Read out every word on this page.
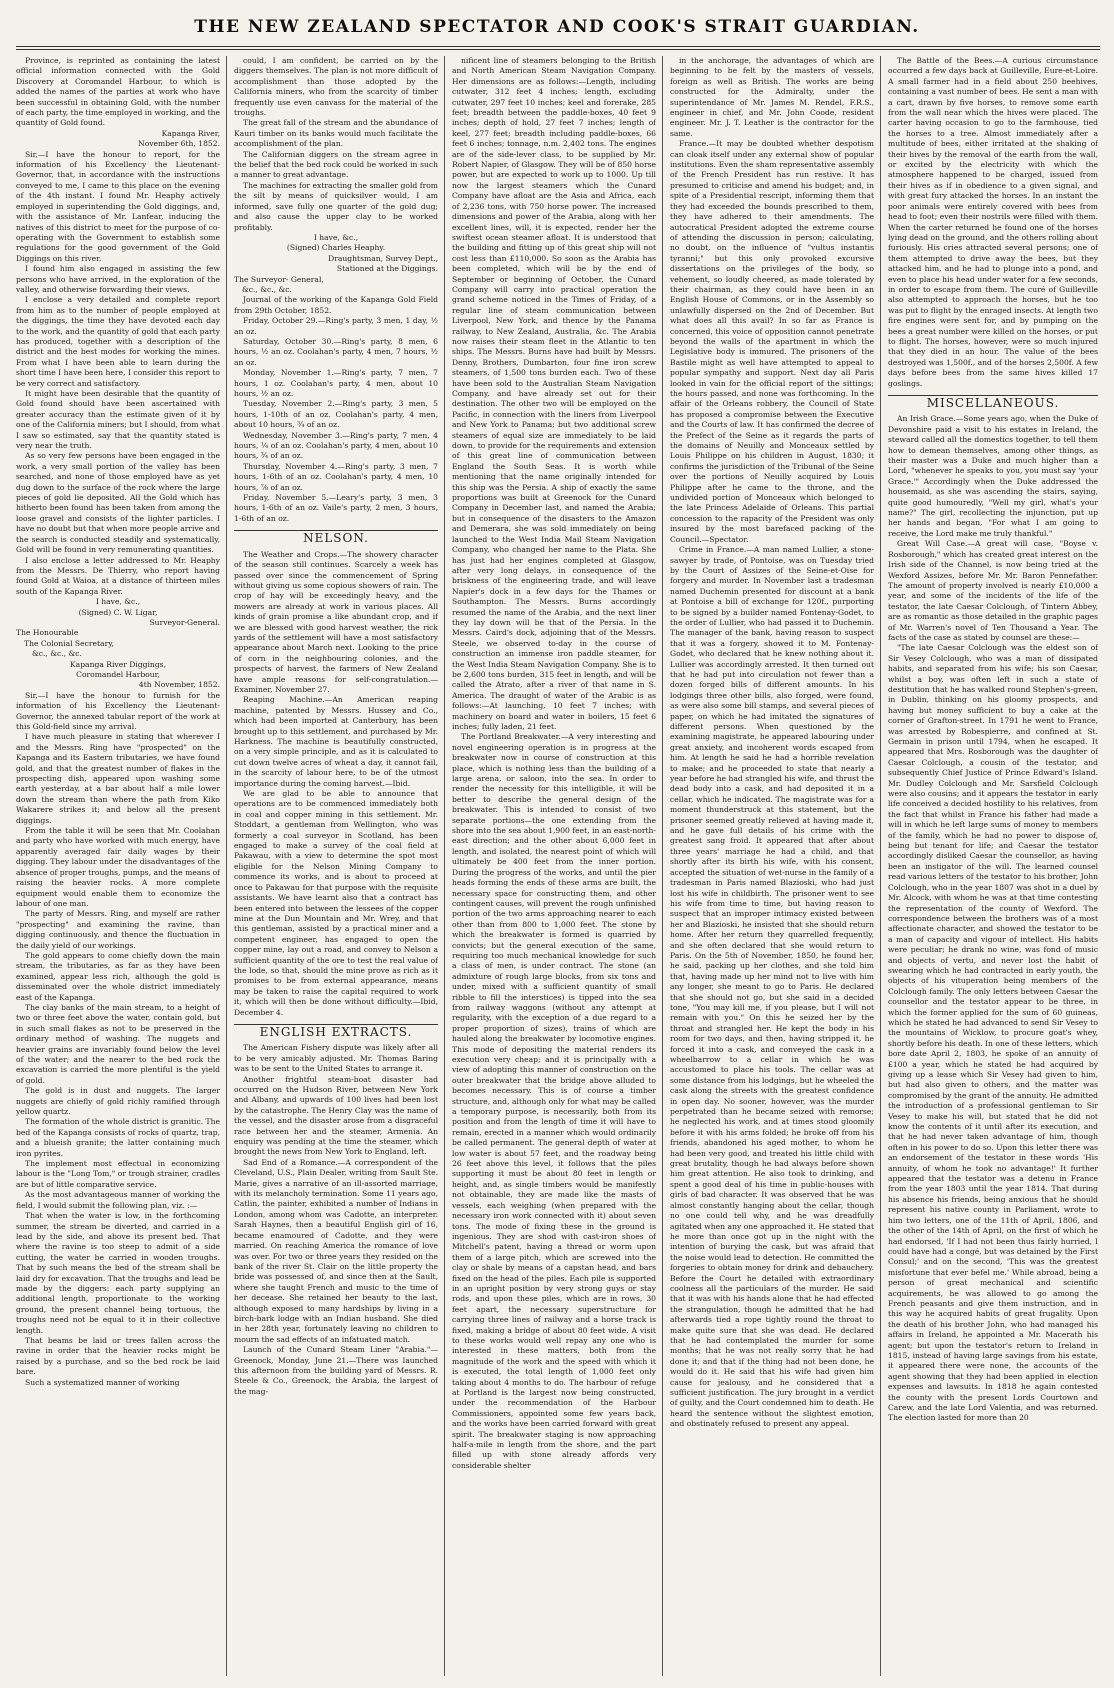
THE NEW ZEALAND SPECTATOR AND COOK'S STRAIT GUARDIAN.

Province, is reprinted as containing the latest official information connected with the Gold Discovery at Coromandel Harbour, to which is added the names of the parties at work who have been successful in obtaining Gold, with the number of each party, the time employed in working, and the quantity of Gold found.

Kapanga River,

November 6th, 1852.

Sir,—I have the honour to report, for the information of his Excellency the Lieutenant-Governor, that, in accordance with the instructions conveyed to me, I came to this place on the evening of the 4th instant. I found Mr. Heaphy actively employed in superintending the Gold diggings, and, with the assistance of Mr. Lanfear, inducing the natives of this district to meet for the purpose of co-operating with the Government to establish some regulations for the good government of the Gold Diggings on this river.

I found him also engaged in assisting the few persons who have arrived, in the exploration of the valley, and otherwise forwarding their views.

I enclose a very detailed and complete report from him as to the number of people employed at the diggings, the time they have devoted each day to the work, and the quantity of gold that each party has produced, together with a description of the district and the best modes for working the mines. From what I have been able to learn during the short time I have been here, I consider this report to be very correct and satisfactory.

It might have been desirable that the quantity of Gold found should have been ascertained with greater accuracy than the estimate given of it by one of the California miners; but I should, from what I saw so estimated, say that the quantity stated is very near the truth.

As so very few persons have been engaged in the work, a very small portion of the valley has been searched, and none of those employed have as yet dug down to the surface of the rock where the large pieces of gold lie deposited. All the Gold which has hitherto been found has been taken from among the loose gravel and consists of the lighter particles. I have no doubt but that when more people arrive and the search is conducted steadily and systematically, Gold will be found in very remunerating quantities.

I also enclose a letter addressed to Mr. Heaphy from the Messrs. De Thierry, who report having found Gold at Waioa, at a distance of thirteen miles south of the Kapanga River.

I have, &c.,

(Signed) C. W. Ligar,

Surveyor-General.

The Honourable

The Colonial Secretary,

&c., &c., &c.

Kapanga River Diggings,

Coromandel Harbour,

4th November, 1852.

Sir,—I have the honour to furnish for the information of his Excellency the Lieutenant-Governor, the annexed tabular report of the work at this Gold-field since my arrival.

I have much pleasure in stating that wherever I and the Messrs. Ring have "prospected" on the Kapanga and its Eastern tributaries, we have found gold, and that the greatest number of flakes in the prospecting dish, appeared upon washing some earth yesterday, at a bar about half a mile lower down the stream than where the path from Kiko Wakarere strikes it; and below all the present diggings.

From the table it will be seen that Mr. Coolahan and party who have worked with much energy, have apparently averaged fair daily wages by their digging. They labour under the disadvantages of the absence of proper troughs, pumps, and the means of raising the heavier rocks. A more complete equipment would enable them to economize the labour of one man.

The party of Messrs. Ring, and myself are rather "prospecting" and examining the ravine, than digging continuously, and thence the fluctuation in the daily yield of our workings.

The gold appears to come chiefly down the main stream, the tributaries, as far as they have been examined, appear less rich, although the gold is disseminated over the whole district immediately east of the Kapanga.

The clay banks of the main stream, to a height of two or three feet above the water, contain gold, but in such small flakes as not to be preserved in the ordinary method of washing. The nuggets and heavier grains are invariably found below the level of the water; and the nearer to the bed rock the excavation is carried the more plentiful is the yield of gold.

The gold is in dust and nuggets. The larger nuggets are chiefly of gold richly ramified through yellow quartz.

The formation of the whole district is granitic. The bed of the Kapanga consists of rocks of quartz, trap, and a blueish granite; the latter containing much iron pyrites.

The implement most effectual in economizing labour is the "Long Tom," or trough strainer, cradles are but of little comparative service.

As the most advantageous manner of working the field, I would submit the following plan, viz. :—

That when the water is low, in the forthcoming summer, the stream be diverted, and carried in a lead by the side, and above its present bed. That where the ravine is too steep to admit of a side cutting, the water be carried in wooden troughs. That by such means the bed of the stream shall be laid dry for excavation. That the troughs and lead be made by the diggers: each party supplying an additional length, proportionate to the working ground, the present channel being tortuous, the troughs need not be equal to it in their collective length.

That beams be laid or trees fallen across the ravine in order that the heavier rocks might be raised by a purchase, and so the bed rock be laid bare.

Such a systematized manner of working

could, I am confident, be carried on by the diggers themselves. The plan is not more difficult of accomplishment than those adopted by the California miners, who from the scarcity of timber frequently use even canvass for the material of the troughs.

The great fall of the stream and the abundance of Kauri timber on its banks would much facilitate the accomplishment of the plan.

The Californian diggers on the stream agree in the belief that the bed rock could be worked in such a manner to great advantage.

The machines for extracting the smaller gold from the silt by means of quicksilver would, I am informed, save fully one quarter of the gold dug; and also cause the upper clay to be worked profitably.

I have, &c.,

(Signed) Charles Heaphy.

Draughtsman, Survey Dept.,

Stationed at the Diggings.

The Surveyor- General,

&c., &c., &c.

Journal of the working of the Kapanga Gold Field from 29th October, 1852.

Friday, October 29.—Ring's party, 3 men, 1 day, ½ an oz.

Saturday, October 30.—Ring's party, 8 men, 6 hours, ½ an oz. Coolahan's party, 4 men, 7 hours, ½ an oz.

Monday, November 1.—Ring's party, 7 men, 7 hours, 1 oz. Coolahan's party, 4 men, about 10 hours, ½ an oz.

Tuesday, November 2.—Ring's party, 3 men, 5 hours, 1-10th of an oz. Coolahan's party, 4 men, about 10 hours, ¾ of an oz.

Wednesday, November 3.—Ring's party, 7 men, 4 hours, ¼ of an oz. Coolahan's party, 4 men, about 10 hours, ¾ of an oz.

Thursday, November 4.—Ring's party, 3 men, 7 hours, 1-6th of an oz. Coolahan's party, 4 men, 10 hours, ⅞ of an oz.

Friday, November 5.—Leary's party, 3 men, 3 hours, 1-6th of an oz. Vaile's party, 2 men, 3 hours, 1-6th of an oz.

NELSON.

The Weather and Crops.—The showery character of the season still continues. Scarcely a week has passed over since the commencement of Spring without giving us some copious showers of rain. The crop of hay will be exceedingly heavy, and the mowers are already at work in various places. All kinds of grain promise a like abundant crop, and if we are blessed with good harvest weather, the rick yards of the settlement will have a most satisfactory appearance about March next. Looking to the price of corn in the neighbouring colonies, and the prospects of harvest, the farmers of New Zealand have ample reasons for self-congratulation.—Examiner, November 27.

Reaping Machine.—An American reaping machine, patented by Messrs. Hussey and Co., which had been imported at Canterbury, has been brought up to this settlement, and purchased by Mr. Harkness. The machine is beautifully constructed, on a very simple principle, and as it is calculated to cut down twelve acres of wheat a day, it cannot fail, in the scarcity of labour here, to be of the utmost importance during the coming harvest.—Ibid.

We are glad to be able to announce that operations are to be commenced immediately both in coal and copper mining in this settlement. Mr. Stoddart, a gentleman from Wellington, who was formerly a coal surveyor in Scotland, has been engaged to make a survey of the coal field at Pakawau, with a view to determine the spot most eligible for the Nelson Mining Company to commence its works, and is about to proceed at once to Pakawau for that purpose with the requisite assistants. We have learnt also that a contract has been entered into between the lessees of the copper mine at the Dun Mountain and Mr. Wrey, and that this gentleman, assisted by a practical miner and a competent engineer, has engaged to open the copper mine, lay out a road, and convey to Nelson a sufficient quantity of the ore to test the real value of the lode, so that, should the mine prove as rich as it promises to be from external appearance, means may be taken to raise the capital required to work it, which will then be done without difficulty.—Ibid, December 4.

ENGLISH EXTRACTS.

The American Fishery dispute was likely after all to be very amicably adjusted. Mr. Thomas Baring was to be sent to the United States to arrange it.

Another frightful steam-boat disaster had occurred on the Hudson River, between New York and Albany, and upwards of 100 lives had been lost by the catastrophe. The Henry Clay was the name of the vessel, and the disaster arose from a disgraceful race between her and the steamer, Armenia. An enquiry was pending at the time the steamer, which brought the news from New York to England, left.

Sad End of a Romance.—A correspondent of the Cleveland, U.S., Plain Dealer, writing from Sault Ste. Marie, gives a narrative of an ill-assorted marriage, with its melancholy termination. Some 11 years ago, Catlin, the painter, exhibited a number of Indians in London, among whom was Cadotte, an interpreter. Sarah Haynes, then a beautiful English girl of 16, became enamoured of Cadotte, and they were married. On reaching America the romance of love was over. For two or three years they resided on the bank of the river St. Clair on the little property the bride was possessed of, and since then at the Sault, where she taught French and music to the time of her decease. She retained her beauty to the last, although exposed to many hardships by living in a birch-bark lodge with an Indian husband. She died in her 28th year, fortunately leaving no children to mourn the sad effects of an infatuated match.

Launch of the Cunard Steam Liner "Arabia."—Greenock, Monday, June 21.—There was launched this afternoon from the building yard of Messrs. R. Steele & Co., Greenock, the Arabia, the largest of the mag-

nificent line of steamers belonging to the British and North American Steam Navigation Company. Her dimensions are as follows:—Length, including cutwater, 312 feet 4 inches; length, excluding cutwater, 297 feet 10 inches; keel and forerake, 285 feet; breadth between the paddle-boxes, 40 feet 9 inches; depth of hold, 27 feet 7 inches; length of keel, 277 feet; breadth including paddle-boxes, 66 feet 6 inches; tonnage, n.m. 2,402 tons. The engines are of the side-lever class, to be supplied by Mr. Robert Napier, of Glasgow. They will be of 850 horse power, but are expected to work up to 1000. Up till now the largest steamers which the Cunard Company have afloat are the Asia and Africa, each of 2,236 tons, with 750 horse power. The increased dimensions and power of the Arabia, along with her excellent lines, will, it is expected, render her the swiftest ocean steamer afloat. It is understood that the building and fitting up of this great ship will not cost less than £110,000. So soon as the Arabia has been completed, which will be by the end of September or beginning of October, the Cunard Company will carry into practical operation the grand scheme noticed in the Times of Friday, of a regular line of steam communication between Liverpool, New York, and thence by the Panama railway, to New Zealand, Australia, &c. The Arabia now raises their steam fleet in the Atlantic to ten ships. The Messrs. Burns have had built by Messrs. Denny, Brothers, Dumbarton, four fine iron screw steamers, of 1,500 tons burden each. Two of these have been sold to the Australian Steam Navigation Company, and have already set out for their destination. The other two will be employed on the Pacific, in connection with the liners from Liverpool and New York to Panama; but two additional screw steamers of equal size are immediately to be laid down, to provide for the requirements and extension of this great line of communication between England the South Seas. It is worth while mentioning that the name originally intended for this ship was the Persia. A ship of exactly the same proportions was built at Greenock for the Cunard Company in December last, and named the Arabia; but in consequence of the disasters to the Amazon and Demerara, she was sold immediately on being launched to the West India Mail Steam Navigation Company, who changed her name to the Plata. She has just had her engines completed at Glasgow, after very long delays, in consequence of the briskness of the engineering trade, and will leave Napier's dock in a few days for the Thames or Southampton. The Messrs. Burns accordingly resumed the name of the Arabia, and the next liner they lay down will be that of the Persia. In the Messrs. Caird's dock, adjoining that of the Messrs. Steele, we observed to-day in the course of construction an immense iron paddle steamer, for the West India Steam Navigation Company. She is to be 2,600 tons burden, 315 feet in length, and will be called the Atrato, after a river of that name in S. America. The draught of water of the Arabic is as follows:—At launching, 10 feet 7 inches; with machinery on board and water in boilers, 15 feet 6 inches; fully laden, 21 feet.

The Portland Breakwater.—A very interesting and novel engineering operation is in progress at the breakwater now in course of construction at this place, which is nothing less than the building of a large arena, or saloon, into the sea. In order to render the necessity for this intelligible, it will be better to describe the general design of the breakwater. This is intended to consist of two separate portions—the one extending from the shore into the sea about 1,900 feet, in an east-north-east direction; and the other about 6,000 feet in length, and isolated, the nearest point of which will ultimately be 400 feet from the inner portion. During the progress of the works, and until the pier heads forming the ends of these arms are built, the necessary space for constructing them, and other contingent causes, will prevent the rough unfinished portion of the two arms approaching nearer to each other than from 800 to 1,000 feet. The stone by which the breakwater is formed is quarried by convicts; but the general execution of the same, requiring too much mechanical knowledge for such a class of men, is under contract. The stone (an admixture of rough large blocks, from six tons and under, mixed with a sufficient quantity of small ribble to fill the interstices) is tipped into the sea from railway waggons (without any attempt at regularity, with the exception of a due regard to a proper proportion of sizes), trains of which are hauled along the breakwater by locomotive engines. This mode of depositing the material renders its execution very cheap; and it is principally with a view of adopting this manner of construction on the outer breakwater that the bridge above alluded to becomes necessary. This is of course a timber structure, and, although only for what may be called a temporary purpose, is necessarily, both from its position and from the length of time it will have to remain, erected in a manner which would ordinarily be called permanent. The general depth of water at low water is about 57 feet, and the roadway being 26 feet above this level, it follows that the piles supporting it must be about 80 feet in length or height, and, as single timbers would be manifestly not obtainable, they are made like the masts of vessels, each weighing (when prepared with the necessary iron work connected with it) about seven tons. The mode of fixing these in the ground is ingenious. They are shod with cast-iron shoes of Mitchell's patent, having a thread or worm upon them of a large pitch, which are screwed into the clay or shale by means of a capstan head, and bars fixed on the head of the piles. Each pile is supported in an upright position by very strong guys or stay rods, and upon these piles, which are in rows, 30 feet apart, the necessary superstructure for carrying three lines of railway and a horse track is fixed, making a bridge of about 80 feet wide. A visit to these works would well repay any one who is interested in these matters, both from the magnitude of the work and the speed with which it is executed, the total length of 1,000 feet only taking about 4 months to do. The harbour of refuge at Portland is the largest now being constructed, under the recommendation of the Harbour Commissioners, appointed some few years back, and the works have been carried forward with great spirit. The breakwater staging is now approaching half-a-mile in length from the shore, and the part filled up with stone already affords very considerable shelter

in the anchorage, the advantages of which are beginning to be felt by the masters of vessels, foreign as well as British. The works are being constructed for the Admiralty, under the superintendance of Mr. James M. Rendel, F.R.S., engineer in chief, and Mr. John Coode, resident engineer. Mr. J. T. Leather is the contractor for the same.

France.—It may be doubted whether despotism can cloak itself under any external show of popular institutions. Even the sham representative assembly of the French President has run restive. It has presumed to criticise and amend his budget; and, in spite of a Presidential rescript, informing them that they had exceeded the bounds prescribed to them, they have adhered to their amendments. The autocratical President adopted the extreme course of attending the discussion in person; calculating, no doubt, on the influence of "vultus instantis tyranni;" but this only provoked excursive dissertations on the privileges of the body, so vehement, so loudly cheered, as made tolerated by their chairman, as they could have been in an English House of Commons, or in the Assembly so unlawfully dispersed on the 2nd of December. But what does all this avail? In so far as France is concerned, this voice of opposition cannot penetrate beyond the walls of the apartment in which the Legislative body is immured. The prisoners of the Bastile might as well have attempted to appeal to popular sympathy and support. Next day all Paris looked in vain for the official report of the sittings; the hours passed, and none was forthcoming. In the affair of the Orleans robbery, the Council of State has proposed a compromise between the Executive and the Courts of law. It has confirmed the decree of the Prefect of the Seine as it regards the parts of the domains of Neuilly and Monceaux settled by Louis Philippe on his children in August, 1830; it confirms the jurisdiction of the Tribunal of the Seine over the portions of Neuilly acquired by Louis Philippe after he came to the throne, and the undivided portion of Monceaux which belonged to the late Princess Adelaide of Orleans. This partial concession to the rapacity of the President was only insured by the most barefaced packing of the Council.—Spectator.

Crime in France.—A man named Lullier, a stone-sawyer by trade, of Pontoise, was on Tuesday tried by the Court of Assizes of the Seine-et-Oise for forgery and murder. In November last a tradesman named Duchemin presented for discount at a bank at Pontoise a bill of exchange for 120f., purporting to be signed by a builder named Fontenay-Godet, to the order of Lullier, who had passed it to Duchemin. The manager of the bank, having reason to suspect that it was a forgery, showed it to M. Fontenay-Godet, who declared that he knew nothing about it. Lullier was accordingly arrested. It then turned out that he had put into circulation not fewer than a dozen forged bills of different amounts. In his lodgings three other bills, also forged, were found, as were also some bill stamps, and several pieces of paper, on which he had imitated the signatures of different persons. When questioned by the examining magistrate, he appeared labouring under great anxiety, and incoherent words escaped from him. At length he said he had a horrible revelation to make; and he proceeded to state that nearly a year before he had strangled his wife, and thrust the dead body into a cask, and had deposited it in a cellar, which he indicated. The magistrate was for a moment thunderstruck at this statement, but the prisoner seemed greatly relieved at having made it, and he gave full details of his crime with the greatest sang froid. It appeared that after about three years' marriage he had a child, and that shortly after its birth his wife, with his consent, accepted the situation of wet-nurse in the family of a tradesman in Paris named Blazioski, who had just lost his wife in childbirth. The prisoner went to see his wife from time to time, but having reason to suspect that an improper intimacy existed between her and Blazioski, he insisted that she should return home. After her return they quarrelled frequently, and she often declared that she would return to Paris. On the 5th of November, 1850, he found her, he said, packing up her clothes, and she told him that, having made up her mind not to live with him any longer, she meant to go to Paris. He declared that she should not go, but she said in a decided tone, "You may kill me, if you please, but I will not remain with you." On this he seized her by the throat and strangled her. He kept the body in his room for two days, and then, having stripped it, he forced it into a cask, and conveyed the cask in a wheelbarrow to a cellar in which he was accustomed to place his tools. The cellar was at some distance from his lodgings, but he wheeled the cask along the streets with the greatest confidence in open day. No sooner, however, was the murder perpetrated than he became seized with remorse; he neglected his work, and at times stood gloomily before it with his arms folded; he broke off from his friends, abandoned his aged mother, to whom he had been very good, and treated his little child with great brutality, though he had always before shown him great attention. He also took to drinking, and spent a good deal of his time in public-houses with girls of bad character. It was observed that he was almost constantly hanging about the cellar, though no one could tell why, and he was dreadfully agitated when any one approached it. He stated that he more than once got up in the night with the intention of burying the cask, but was afraid that the noise would lead to detection. He committed the forgeries to obtain money for drink and debauchery. Before the Court he detailed with extraordinary coolness all the particulars of the murder. He said that it was with his hands alone that he had effected the strangulation, though he admitted that he had afterwards tied a rope tightly round the throat to make quite sure that she was dead. He declared that he had contemplated the murder for some months; that he was not really sorry that he had done it; and that if the thing had not been done, he would do it. He said that his wife had given him cause for jealousy, and he considered that a sufficient justification. The jury brought in a verdict of guilty, and the Court condemned him to death. He heard the sentence without the slightest emotion, and obstinately refused to present any appeal.

The Battle of the Bees.—A curious circumstance occurred a few days back at Guilleville, Eure-et-Loire. A small farmer had in a field about 250 beehives, containing a vast number of bees. He sent a man with a cart, drawn by five horses, to remove some earth from the wall near which the hives were placed. The carter having occasion to go to the farmhouse, tied the horses to a tree. Almost immediately after a multitude of bees, either irritated at the shaking of their hives by the removal of the earth from the wall, or excited by the electricity with which the atmosphere happened to be charged, issued from their hives as if in obedience to a given signal, and with great fury attacked the horses. In an instant the poor animals were entirely covered with bees from head to foot; even their nostrils were filled with them. When the carter returned he found one of the horses lying dead on the ground, and the others rolling about furiously. His cries attracted several persons; one of them attempted to drive away the bees, but they attacked him, and he had to plunge into a pond, and even to place his head under water for a few seconds, in order to escape from them. The curé of Guilleville also attempted to approach the horses, but he too was put to flight by the enraged insects. At length two fire engines were sent for, and by pumping on the bees a great number were killed on the horses, or put to flight. The horses, however, were so much injured that they died in an hour. The value of the bees destroyed was 1,500f., and of the horses 2,500f. A few days before bees from the same hives killed 17 goslings.

MISCELLANEOUS.

An Irish Grace.—Some years ago, when the Duke of Devonshire paid a visit to his estates in Ireland, the steward called all the domestics together, to tell them how to demean themselves, among other things, as their master was a Duke and much higher than a Lord, "whenever he speaks to you, you must say 'your Grace.'" Accordingly when the Duke addressed the housemaid, as she was ascending the stairs, saying, quite good humouredly, "Well my girl, what's your name?" The girl, recollecting the injunction, put up her hands and began, "For what I am going to receive, the Lord make me truly thankful."

Great Will Case.—A great will case, "Boyse v. Rosborough," which has created great interest on the Irish side of the Channel, is now being tried at the Wexford Assizes, before Mr. Mr. Baron Pennefather. The amount of property involved is nearly £10,000 a year, and some of the incidents of the life of the testator, the late Caesar Colclough, of Tintern Abbey, are as romantic as those detailed in the graphic pages of Mr. Warren's novel of Ten Thousand a Year. The facts of the case as stated by counsel are these:—

"The late Caesar Colclough was the eldest son of Sir Vesey Colclough, who was a man of dissipated habits, and separated from his wife; his son Caesar, whilst a boy, was often left in such a state of destitution that he has walked round Stephen's-green, in Dublin, thinking on his gloomy prospects, and having but money sufficient to buy a cake at the corner of Grafton-street. In 1791 he went to France, was arrested by Robespierre, and confined at St. Germain in prison until 1794, when he escaped. It appeared that Mrs. Rosborough was the daughter of Caesar Colclough, a cousin of the testator, and subsequently Chief Justice of Prince Edward's Island. Mr. Dudley Colclough and Mr. Sarsfield Colclough were also cousins; and it appears the testator in early life conceived a decided hostility to his relatives, from the fact that whilst in France his father had made a will in which he left large sums of money to members of the family, which he had no power to dispose of, being but tenant for life; and Caesar the testator accordingly disliked Caesar the counsellor, as having been an instigator of the will. The learned counsel read various letters of the testator to his brother, John Colclough, who in the year 1807 was shot in a duel by Mr. Alcock, with whom he was at that time contesting the representation of the county of Wexford. The correspondence between the brothers was of a most affectionate character, and showed the testator to be a man of capacity and vigour of intellect. His habits were peculiar; he drank no wine, was fond of music and objects of vertu, and never lost the habit of swearing which he had contracted in early youth, the objects of his vituperation being members of the Colclough family. The only letters between Caesar the counsellor and the testator appear to be three, in which the former applied for the sum of 60 guineas, which he stated he had advanced to send Sir Vesey to the mountains of Wicklow, to procure goat's whey, shortly before his death. In one of these letters, which bore date April 2, 1803, he spoke of an annuity of £100 a year, which he stated he had acquired by giving up a lease which Sir Vesey had given to him, but had also given to others, and the matter was compromised by the grant of the annuity. He admitted the introduction of a professional gentleman to Sir Vesey to make his will, but stated that he did not know the contents of it until after its execution, and that he had never taken advantage of him, though often in his power to do so. Upon this letter there was an endorsement of the testator in these words 'His annuity, of whom he took no advantage!' It further appeared that the testator was a detenu in France from the year 1803 until the year 1814. That during his absence his friends, being anxious that he should represent his native county in Parliament, wrote to him two letters, one of the 11th of April, 1806, and the other of the 14th of April, on the first of which he had endorsed, 'If I had not been thus fairly hurried, I could have had a congé, but was detained by the First Consul;' and on the second, 'This was the greatest misfortune that ever befel me.' While abroad, being a person of great mechanical and scientific acquirements, he was allowed to go among the French peasants and give them instruction, and in this way he acquired habits of great frugality. Upon the death of his brother John, who had managed his affairs in Ireland, he appointed a Mr. Macerath his agent; but upon the testator's return to Ireland in 1815, instead of having large savings from his estate, it appeared there were none, the accounts of the agent showing that they had been applied in election expenses and lawsuits. In 1818 he again contested the county with the present Lords Courtown and Carew, and the late Lord Valentia, and was returned. The election lasted for more than 20
